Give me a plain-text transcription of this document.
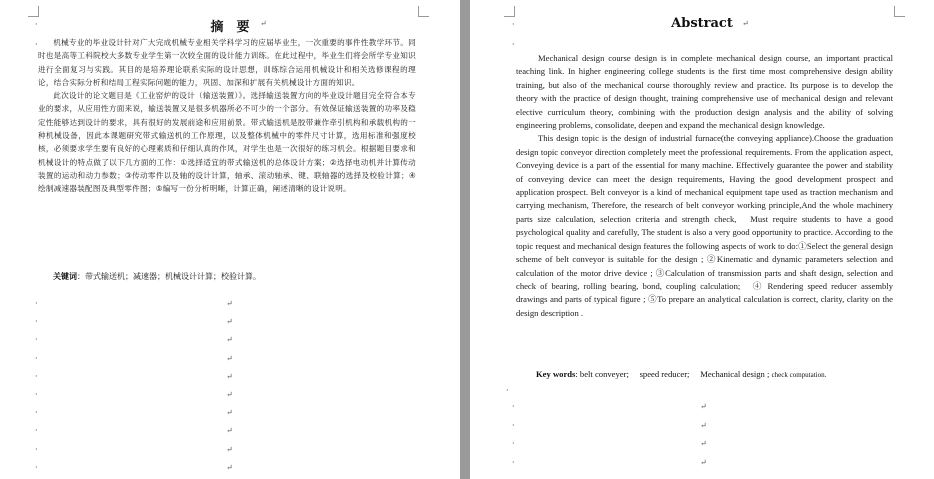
摘　要	↵

机械专业的毕业设计针对广大完成机械专业相关学科学习的应届毕业生，一次重要的事件性教学环节。同时也是高等工科院校大多数专业学生第一次较全面的设计能力训练。在此过程中，毕业生们将会所学专业知识进行全面复习与实践。其目的是培养理论联系实际的设计思想，训练综合运用机械设计和相关选修课程的理论，结合实际分析和结局工程实际问题的能力，巩固、加深和扩展有关机械设计方面的知识。

此次设计的论文题目是《工业窑炉的设计（输送装置）》。选择输送装置方向的毕业设计题目完全符合本专业的要求，从应用性方面来说，输送装置又是很多机器所必不可少的一个部分。有效保证输送装置的功率及稳定性能够达到设计的要求，具有很好的发展前途和应用前景。带式输送机是胶带兼作牵引机构和承载机构的一种机械设备，因此本课题研究带式输送机的工作原理，以及整体机械中的零件尺寸计算，选用标准和强度校核，必须要求学生要有良好的心理素质和仔细认真的作风，对学生也是一次很好的练习机会。根据题目要求和机械设计的特点做了以下几方面的工作：①选择适宜的带式输送机的总体设计方案；②选择电动机并计算传动装置的运动和动力参数；③传动零件以及轴的设计计算，轴承、滚动轴承、键、联轴器的选择及校验计算；④绘制减速器装配图及典型零件图；⑤编写一份分析明晰，计算正确，阐述清晰的设计说明。

关键词：带式输送机；减速器；机械设计计算；校验计算。
·	↵
·	↵
·	↵
·	↵
·	↵
·	↵
·	↵
·	↵
·	↵
·	↵
Abstract	↵

Mechanical design course design is in complete mechanical design course, an important practical teaching link. In higher engineering college students is the first time most comprehensive design ability training, but also of the mechanical course thoroughly review and practice. Its purpose is to develop the theory with the practice of design thought, training comprehensive use of mechanical design and relevant elective curriculum theory, combining with the production design analysis and the ability of solving engineering problems, consolidate, deepen and expand the mechanical design knowledge.

This design topic is the design of industrial furnace(the conveying appliance).Choose the graduation design topic conveyor direction completely meet the professional requirements. From the application aspect, Conveying device is a part of the essential for many machine. Effectively guarantee the power and stability of conveying device can meet the design requirements, Having the good development prospect and application prospect. Belt conveyor is a kind of mechanical equipment tape used as traction mechanism and carrying mechanism, Therefore, the research of belt conveyor working principle,And the whole machinery parts size calculation, selection criteria and strength check,　Must require students to have a good psychological quality and carefully, The student is also a very good opportunity to practice. According to the topic request and mechanical design features the following aspects of work to do:①Select the general design scheme of belt conveyor is suitable for the design ; ②Kinematic and dynamic parameters selection and calculation of the motor drive device ; ③Calculation of transmission parts and shaft design, selection and check of bearing, rolling bearing, bond, coupling calculation;　④ Rendering speed reducer assembly drawings and parts of typical figure ; ⑤To prepare an analytical calculation is correct, clarity, clarity on the design description .

Key words: belt conveyer;　 speed reducer;　 Mechanical design ; check computation.
·	↵
·	↵
·	↵
·	↵
·
·
·
·
·
